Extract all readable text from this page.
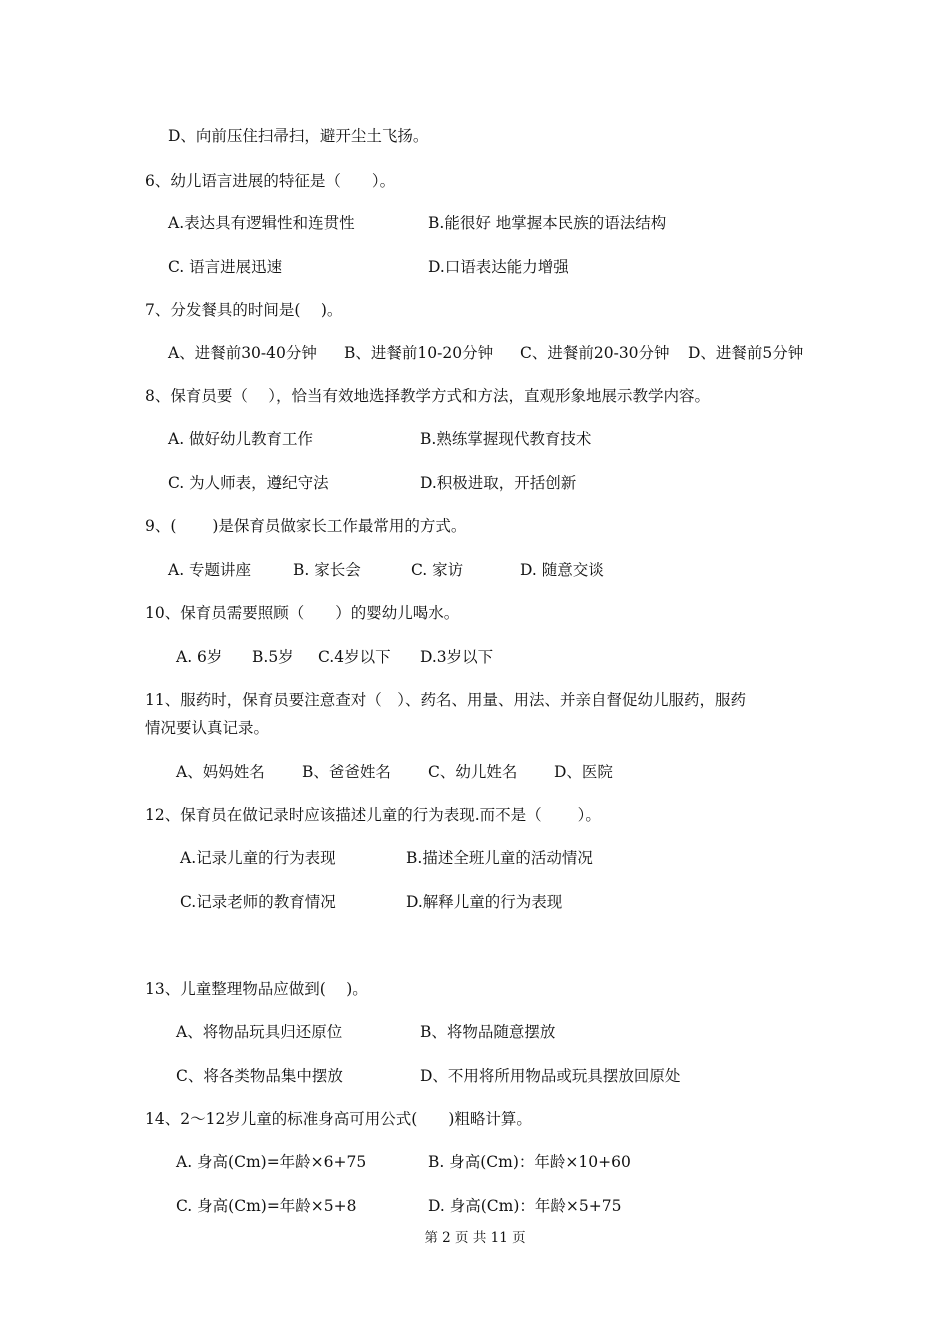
D、向前压住扫帚扫，避开尘土飞扬。

6、幼儿语言进展的特征是（　　）。

A.表达具有逻辑性和连贯性	B.能很好 地掌握本民族的语法结构

C. 语言进展迅速	D.口语表达能力增强

7、分发餐具的时间是(　 )。

A、进餐前30-40分钟 B、进餐前10-20分钟 C、进餐前20-30分钟 D、进餐前5分钟

8、保育员要（　 ），恰当有效地选择教学方式和方法，直观形象地展示教学内容。

A. 做好幼儿教育工作	B.熟练掌握现代教育技术

C. 为人师表，遵纪守法	D.积极进取，开括创新

9、(　　 )是保育员做家长工作最常用的方式。

A. 专题讲座	B. 家长会	C. 家访	D. 随意交谈

10、保育员需要照顾（　　）的婴幼儿喝水。

A. 6岁 B.5岁 C.4岁以下 D.3岁以下

11、服药时，保育员要注意查对（　）、药名、用量、用法、并亲自督促幼儿服药，服药

情况要认真记录。

A、妈妈姓名 B、爸爸姓名 C、幼儿姓名 D、医院

12、保育员在做记录时应该描述儿童的行为表现.而不是（　　 ）。

A.记录儿童的行为表现	B.描述全班儿童的活动情况

C.记录老师的教育情况	D.解释儿童的行为表现

13、儿童整理物品应做到(　 )。

A、将物品玩具归还原位	B、将物品随意摆放

C、将各类物品集中摆放	D、不用将所用物品或玩具摆放回原处

14、2～12岁儿童的标准身高可用公式(　　)粗略计算。

A. 身高(Cm)=年龄×6+75	B. 身高(Cm)：年龄×10+60

C. 身高(Cm)=年龄×5+8	D. 身高(Cm)：年龄×5+75

第 2 页 共 11 页
